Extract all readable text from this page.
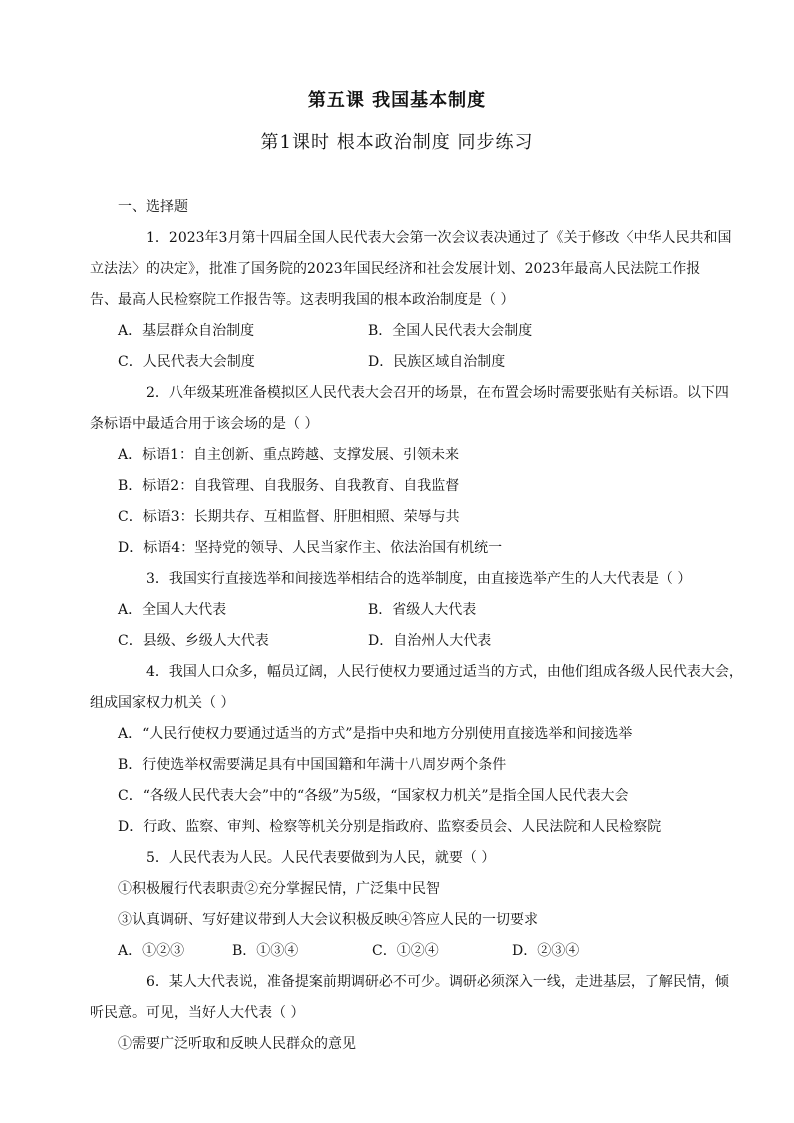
第五课 我国基本制度
第1课时 根本政治制度 同步练习
一、选择题
1．2023年3月第十四届全国人民代表大会第一次会议表决通过了《关于修改〈中华人民共和国
立法法〉的决定》，批准了国务院的2023年国民经济和社会发展计划、2023年最高人民法院工作报
告、最高人民检察院工作报告等。这表明我国的根本政治制度是（ ）
A．基层群众自治制度	B．全国人民代表大会制度
C．人民代表大会制度	D．民族区域自治制度
2．八年级某班准备模拟区人民代表大会召开的场景，在布置会场时需要张贴有关标语。以下四
条标语中最适合用于该会场的是（ ）
A．标语1：自主创新、重点跨越、支撑发展、引领未来
B．标语2：自我管理、自我服务、自我教育、自我监督
C．标语3：长期共存、互相监督、肝胆相照、荣辱与共
D．标语4：坚持党的领导、人民当家作主、依法治国有机统一
3．我国实行直接选举和间接选举相结合的选举制度，由直接选举产生的人大代表是（ ）
A．全国人大代表	B．省级人大代表
C．县级、乡级人大代表	D．自治州人大代表
4．我国人口众多，幅员辽阔，人民行使权力要通过适当的方式，由他们组成各级人民代表大会，
组成国家权力机关（ ）
A．“人民行使权力要通过适当的方式”是指中央和地方分别使用直接选举和间接选举
B．行使选举权需要满足具有中国国籍和年满十八周岁两个条件
C．“各级人民代表大会”中的“各级”为5级，“国家权力机关”是指全国人民代表大会
D．行政、监察、审判、检察等机关分别是指政府、监察委员会、人民法院和人民检察院
5．人民代表为人民。人民代表要做到为人民，就要（ ）
①积极履行代表职责②充分掌握民情，广泛集中民智
③认真调研、写好建议带到人大会议积极反映④答应人民的一切要求
A．①②③	B．①③④	C．①②④	D．②③④
6．某人大代表说，准备提案前期调研必不可少。调研必须深入一线，走进基层，了解民情，倾
听民意。可见，当好人大代表（ ）
①需要广泛听取和反映人民群众的意见
